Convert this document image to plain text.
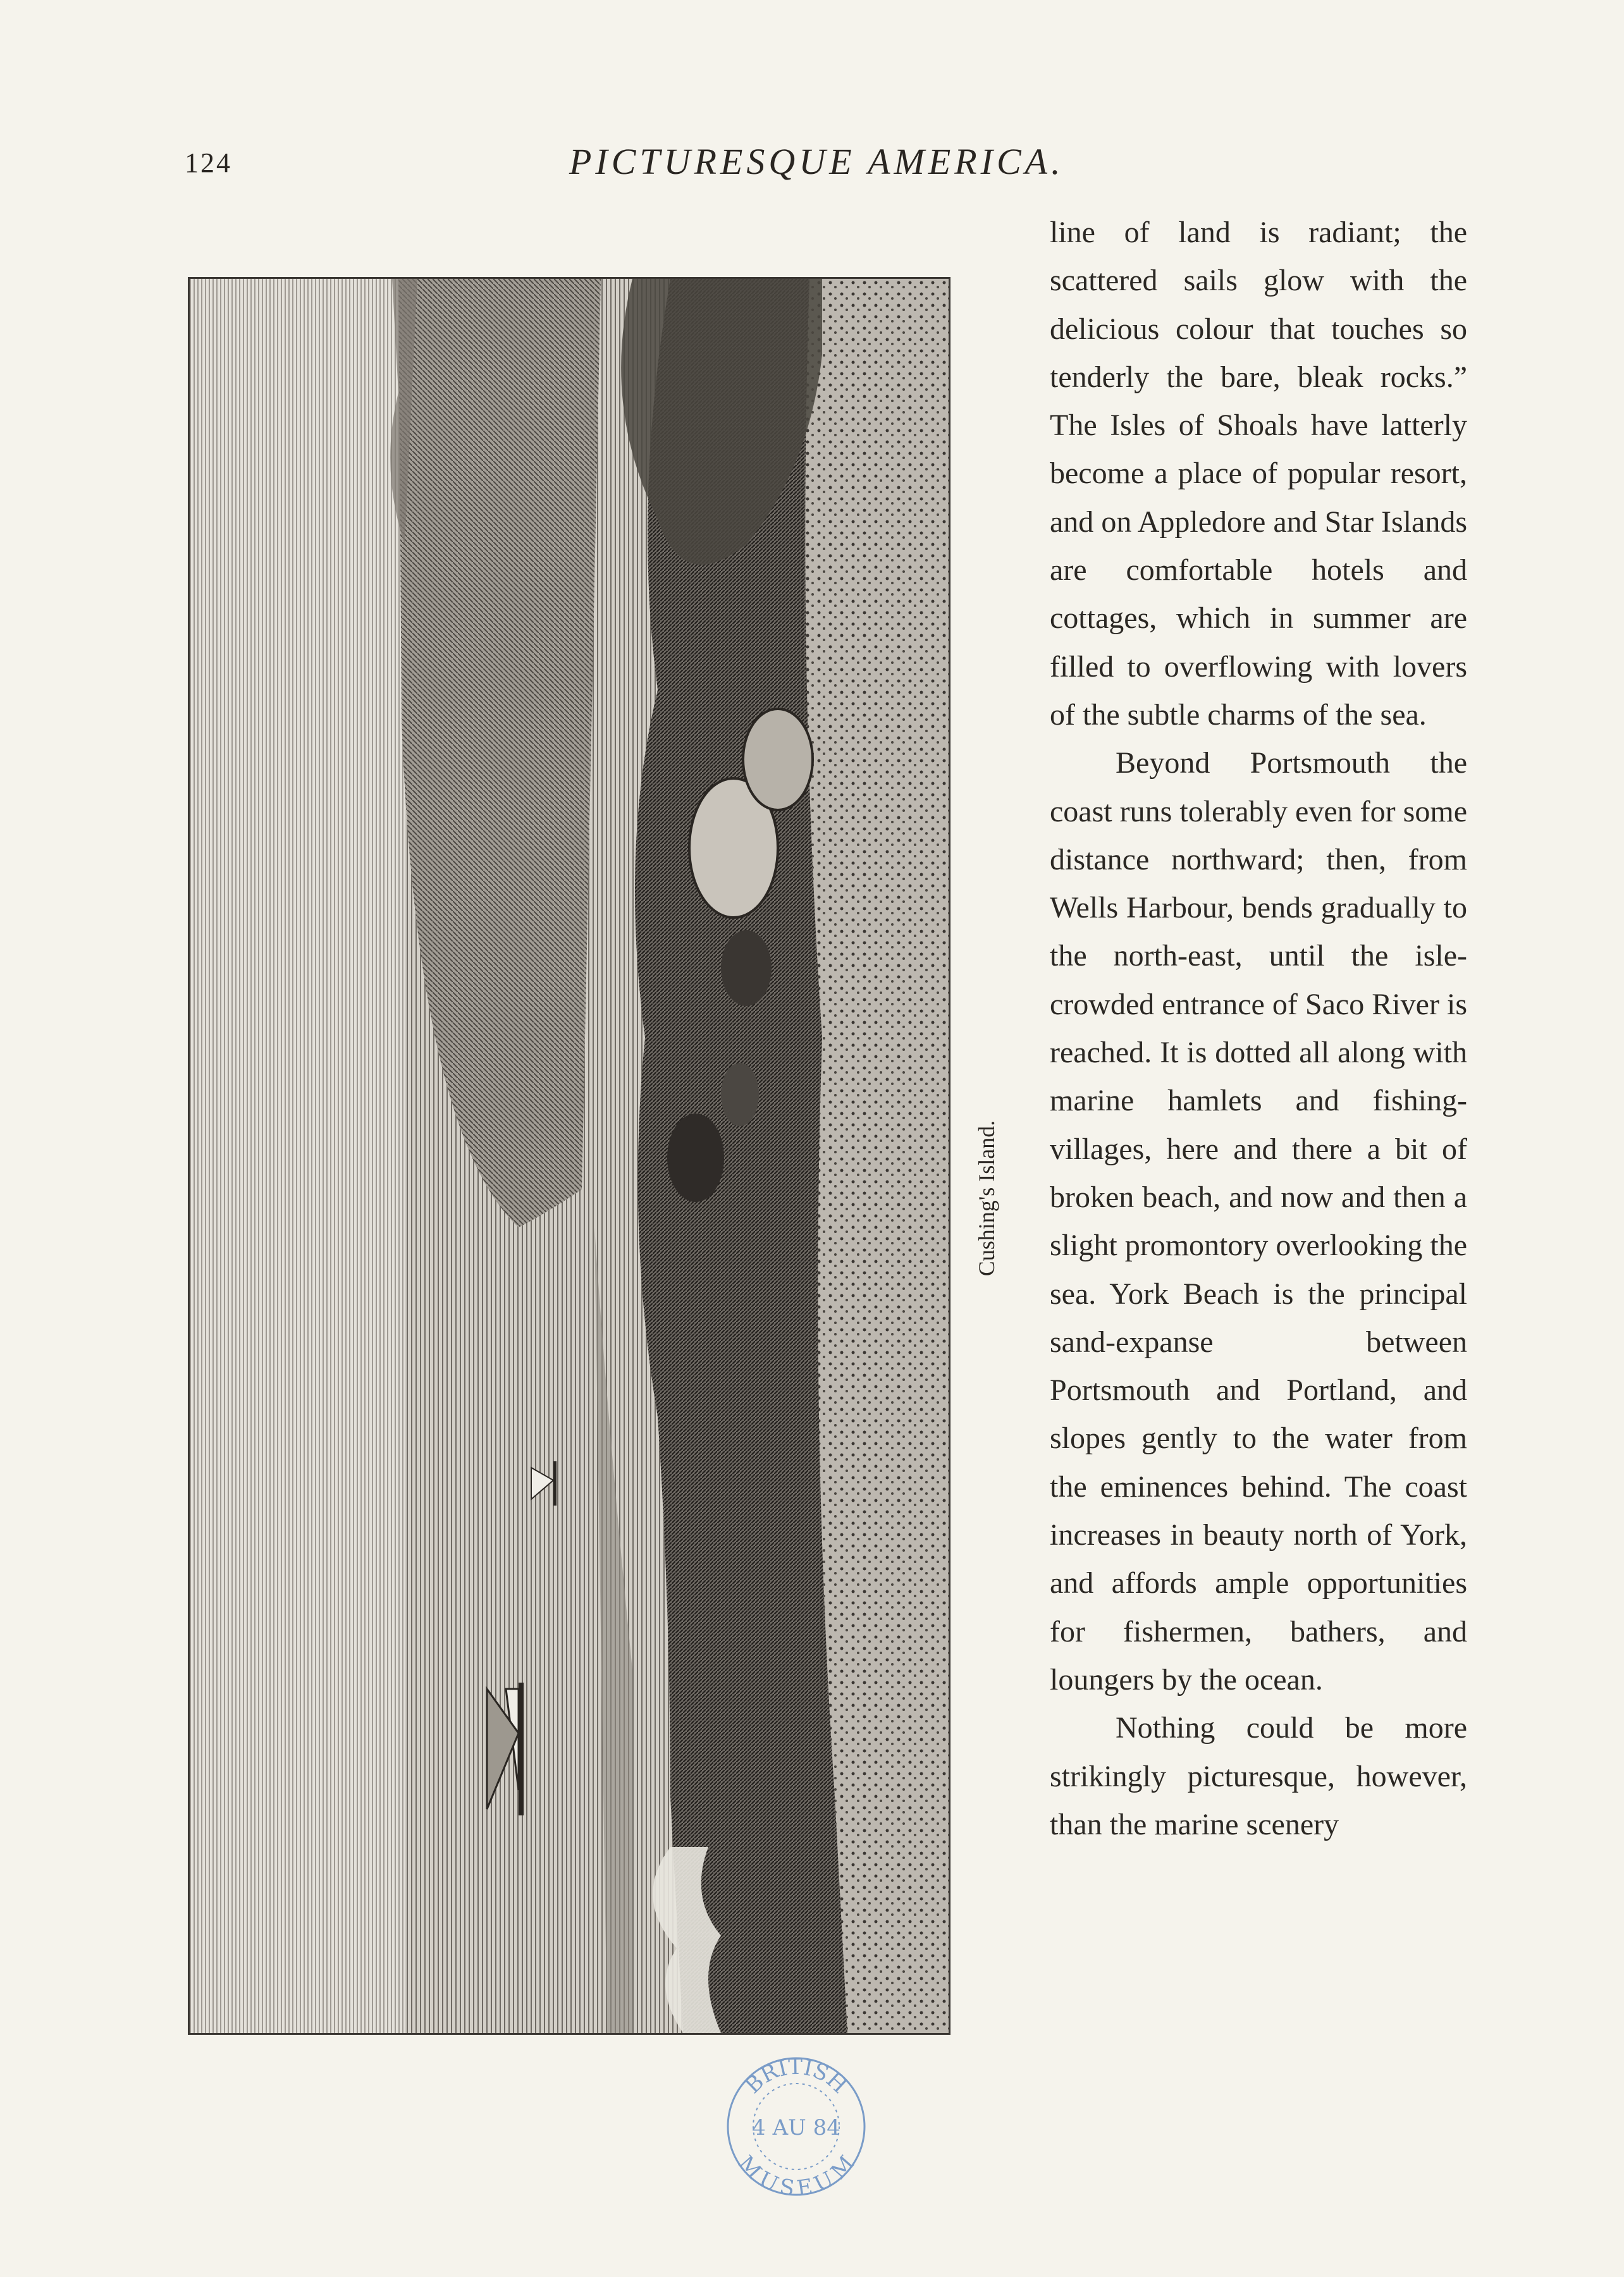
124	PICTURESQUE AMERICA.
Cushing's Island.

line of land is radiant; the scattered sails glow with the delicious colour that touches so tenderly the bare, bleak rocks.” The Isles of Shoals have latterly become a place of popular resort, and on Appledore and Star Islands are comfortable hotels and cottages, which in summer are filled to overflowing with lovers of the subtle charms of the sea.

Beyond Portsmouth the coast runs tolerably even for some distance northward; then, from Wells Harbour, bends gradually to the north-east, until the isle-crowded entrance of Saco River is reached. It is dotted all along with marine hamlets and fishing-villages, here and there a bit of broken beach, and now and then a slight promontory overlooking the sea. York Beach is the principal sand-expanse between Portsmouth and Portland, and slopes gently to the water from the eminences behind. The coast increases in beauty north of York, and affords ample opportunities for fishermen, bathers, and loungers by the ocean.

Nothing could be more strikingly picturesque, however, than the marine scenery

BRITISH
4 AU 84
MUSEUM
